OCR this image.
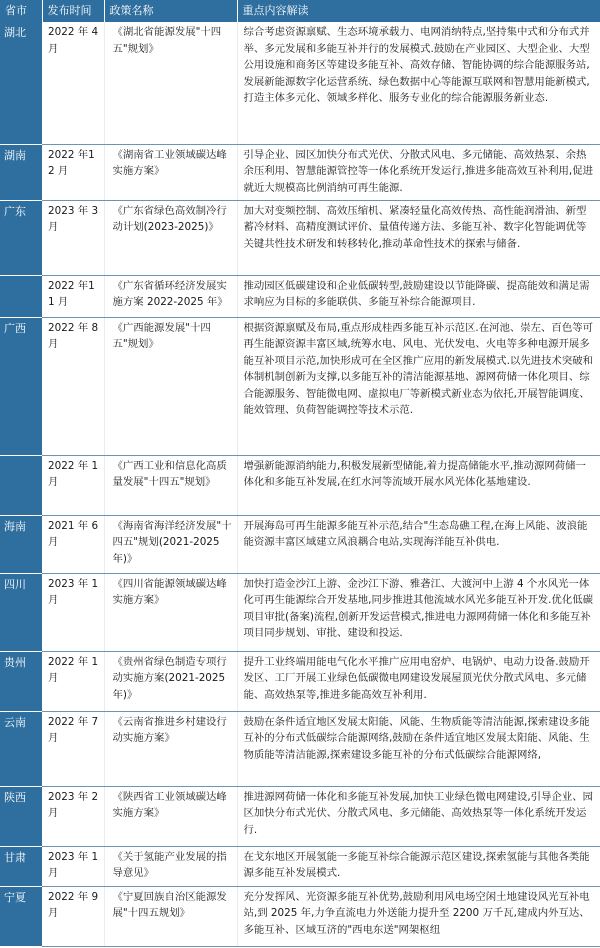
省市	发布时间	政策名称	重点内容解读
湖北	2022 年 4 月	《湖北省能源发展"十四五"规划》	综合考虑资源禀赋、生态环境承载力、电网消纳特点,坚持集中式和分布式并举、多元发展和多能互补并行的发展模式.鼓励在产业园区、大型企业、大型公用设施和商务区等建设多能互补、高效存储、智能协调的综合能源服务站,发展新能源数字化运营系统、绿色数据中心等能源互联网和智慧用能新模式,打造主体多元化、领域多样化、服务专业化的综合能源服务新业态.
湖南	2022 年12 月	《湖南省工业领域碳达峰实施方案》	引导企业、园区加快分布式光伏、分散式风电、多元储能、高效热泵、余热余压利用、智慧能源管控等一体化系统开发运行,推进多能高效互补利用,促进就近大规模高比例消纳可再生能源.
广东	2023 年 3 月	《广东省绿色高效制冷行动计划(2023-2025)》	加大对变频控制、高效压缩机、紧凑轻量化高效传热、高性能润滑油、新型蓄冷材料、高精度测试评价、量值传递方法、多能互补、数字化智能调优等关键共性技术研发和转移转化,推动革命性技术的探索与储备.
	2022 年11 月	《广东省循环经济发展实施方案 2022-2025 年》	推动园区低碳建设和企业低碳转型,鼓励建设以节能降碳、提高能效和满足需求响应为目标的多能联供、多能互补综合能源项目.
广西	2022 年 8 月	《广西能源发展"十四五"规划》	根据资源禀赋及布局,重点形成桂西多能互补示范区.在河池、崇左、百色等可再生能源资源丰富区域,统筹水电、风电、光伏发电、火电等多种电源开展多能互补项目示范,加快形成可在全区推广应用的新发展模式.以先进技术突破和体制机制创新为支撑,以多能互补的清洁能源基地、源网荷储一体化项目、综合能源服务、智能微电网、虚拟电厂等新模式新业态为依托,开展智能调度、能效管理、负荷智能调控等技术示范.
	2022 年 1 月	《广西工业和信息化高质量发展"十四五"规划》	增强新能源消纳能力,积极发展新型储能,着力提高储能水平,推动源网荷储一体化和多能互补发展,在红水河等流域开展水风光体化基地建设.
海南	2021 年 6 月	《海南省海洋经济发展"十四五"规划(2021-2025 年)》	开展海岛可再生能源多能互补示范,结合"生态岛礁工程,在海上风能、波浪能能资源丰富区域建立风浪耦合电站,实现海洋能互补供电.
四川	2023 年 1 月	《四川省能源领域碳达峰实施方案》	加快打造金沙江上游、金沙江下游、雅砻江、大渡河中上游 4 个水风光一体化可再生能源综合开发基地,同步推进其他流域水风光多能互补开发.优化低碳项目审批(备案)流程,创新开发运营模式,推进电力源网荷储一体化和多能互补项目同步规划、审批、建设和投运.
贵州	2022 年 1 月	《贵州省绿色制造专项行动实施方案(2021-2025 年)》	提升工业终端用能电气化水平推广应用电窑炉、电锅炉、电动力设备.鼓励开发区、工厂开展工业绿色低碳微电网建设发展屋顶光伏分散式风电、多元储能、高效热泵等,推进多能高效互补利用.
云南	2022 年 7 月	《云南省推进乡村建设行动实施方案》	鼓励在条件适宜地区发展太阳能、风能、生物质能等清洁能源,探索建设多能互补的分布式低碳综合能源网络,鼓励在条件适宜地区发展太阳能、风能、生物质能等清洁能源,探索建设多能互补的分布式低碳综合能源网络,
陕西	2023 年 2 月	《陕西省工业领域碳达峰实施方案》	推进源网荷储一体化和多能互补发展,加快工业绿色微电网建设,引导企业、园区加快分布式光伏、分散式风电、多元储能、高效热泵等一体化系统开发运行.
甘肃	2023 年 1 月	《关于氢能产业发展的指导意见》	在戈东地区开展氢能一多能互补综合能源示范区建设,探索氢能与其他各类能源多能互补发展模式.
宁夏	2022 年 9 月	《宁夏回族自治区能源发展"十四五规划》	充分发挥风、光资源多能互补优势,鼓励利用风电场空闲土地建设风光互补电站,到 2025 年,力争直流电力外送能力提升至 2200 万千瓦,建成内外互达、多能互补、区域互济的"西电东送"网架枢纽
